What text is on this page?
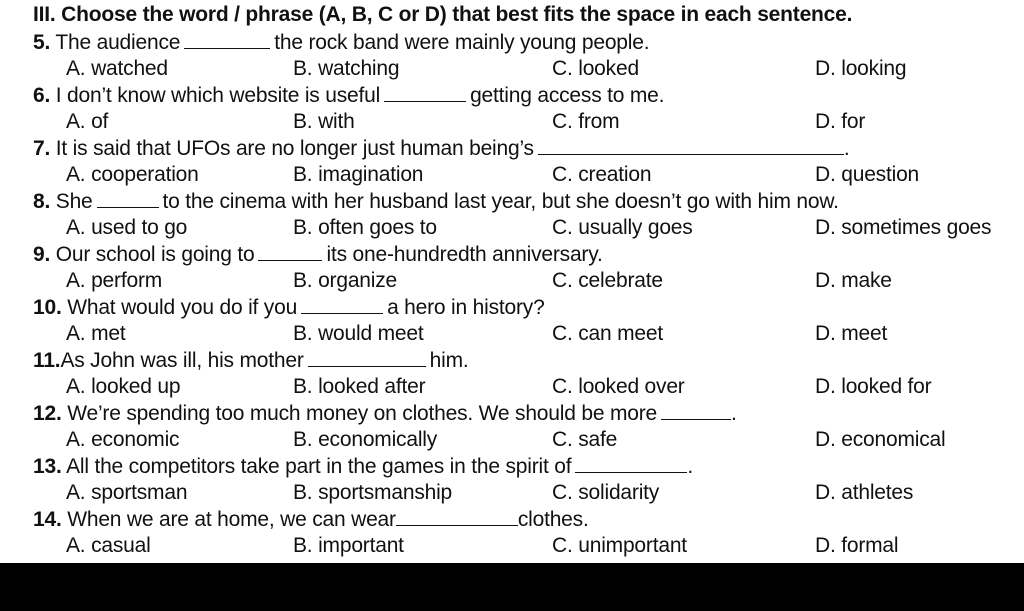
III. Choose the word / phrase (A, B, C or D) that best fits the space in each sentence.
5. The audience	the rock band were mainly young people.
A. watched	B. watching	C. looked	D. looking
6. I don’t know which website is useful	getting access to me.
A. of	B. with	C. from	D. for
7. It is said that UFOs are no longer just human being’s	.
A. cooperation	B. imagination	C. creation	D. question
8. She	to the cinema with her husband last year, but she doesn’t go with him now.
A. used to go	B. often goes to	C. usually goes	D. sometimes goes
9. Our school is going to	its one-hundredth anniversary.
A. perform	B. organize	C. celebrate	D. make
10. What would you do if you	a hero in history?
A. met	B. would meet	C. can meet	D. meet
11.As John was ill, his mother	him.
A. looked up	B. looked after	C. looked over	D. looked for
12. We’re spending too much money on clothes. We should be more	.
A. economic	B. economically	C. safe	D. economical
13. All the competitors take part in the games in the spirit of	.
A. sportsman	B. sportsmanship	C. solidarity	D. athletes
14. When we are at home, we can wear	clothes.
A. casual	B. important	C. unimportant	D. formal
